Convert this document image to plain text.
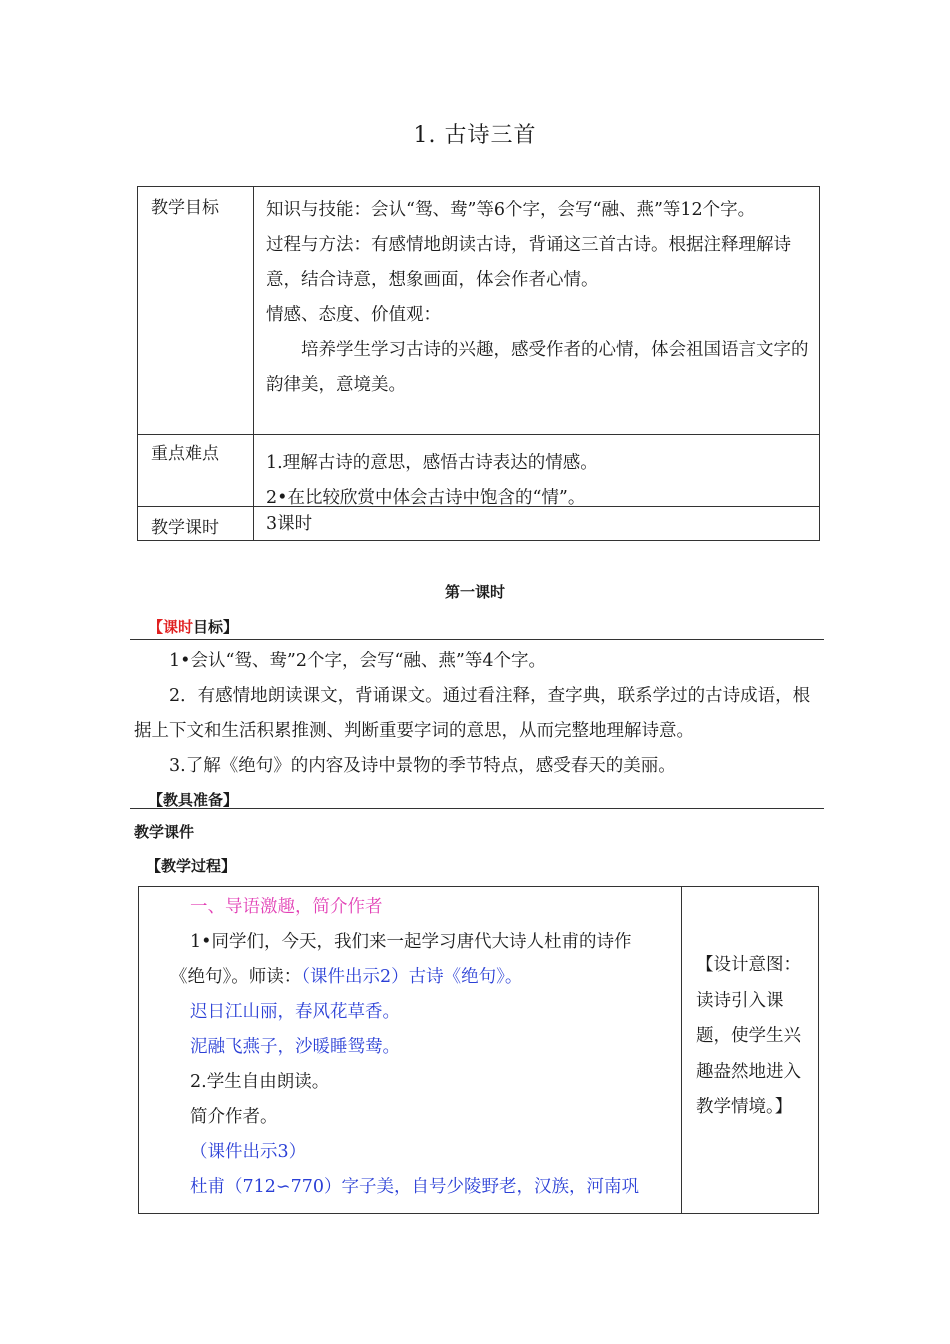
1. 古诗三首
教学目标	知识与技能：会认“鸳、鸯”等6个字，会写“融、燕”等12个字。

过程与方法：有感情地朗读古诗，背诵这三首古诗。根据注释理解诗意，结合诗意，想象画面，体会作者心情。

情感、态度、价值观：

培养学生学习古诗的兴趣，感受作者的心情，体会祖国语言文字的韵律美，意境美。

重点难点	1.理解古诗的意思，感悟古诗表达的情感。

2•在比较欣赏中体会古诗中饱含的“情”。

教学课时	3课时

第一课时
【课时目标】

1•会认“鸳、鸯”2个字，会写“融、燕”等4个字。

2．有感情地朗读课文，背诵课文。通过看注释，查字典，联系学过的古诗成语，根据上下文和生活积累推测、判断重要字词的意思，从而完整地理解诗意。

3.了解《绝句》的内容及诗中景物的季节特点，感受春天的美丽。

【教具准备】
教学课件
【教学过程】

一、导语激趣，简介作者

1•同学们，今天，我们来一起学习唐代大诗人杜甫的诗作

《绝句》。师读：（课件出示2）古诗《绝句》。

迟日江山丽，春风花草香。

泥融飞燕子，沙暖睡鸳鸯。

2.学生自由朗读。

简介作者。

（课件出示3）

杜甫（712∽770）字子美，自号少陵野老，汉族，河南巩

【设计意图：读诗引入课题，使学生兴趣盎然地进入教学情境。】
